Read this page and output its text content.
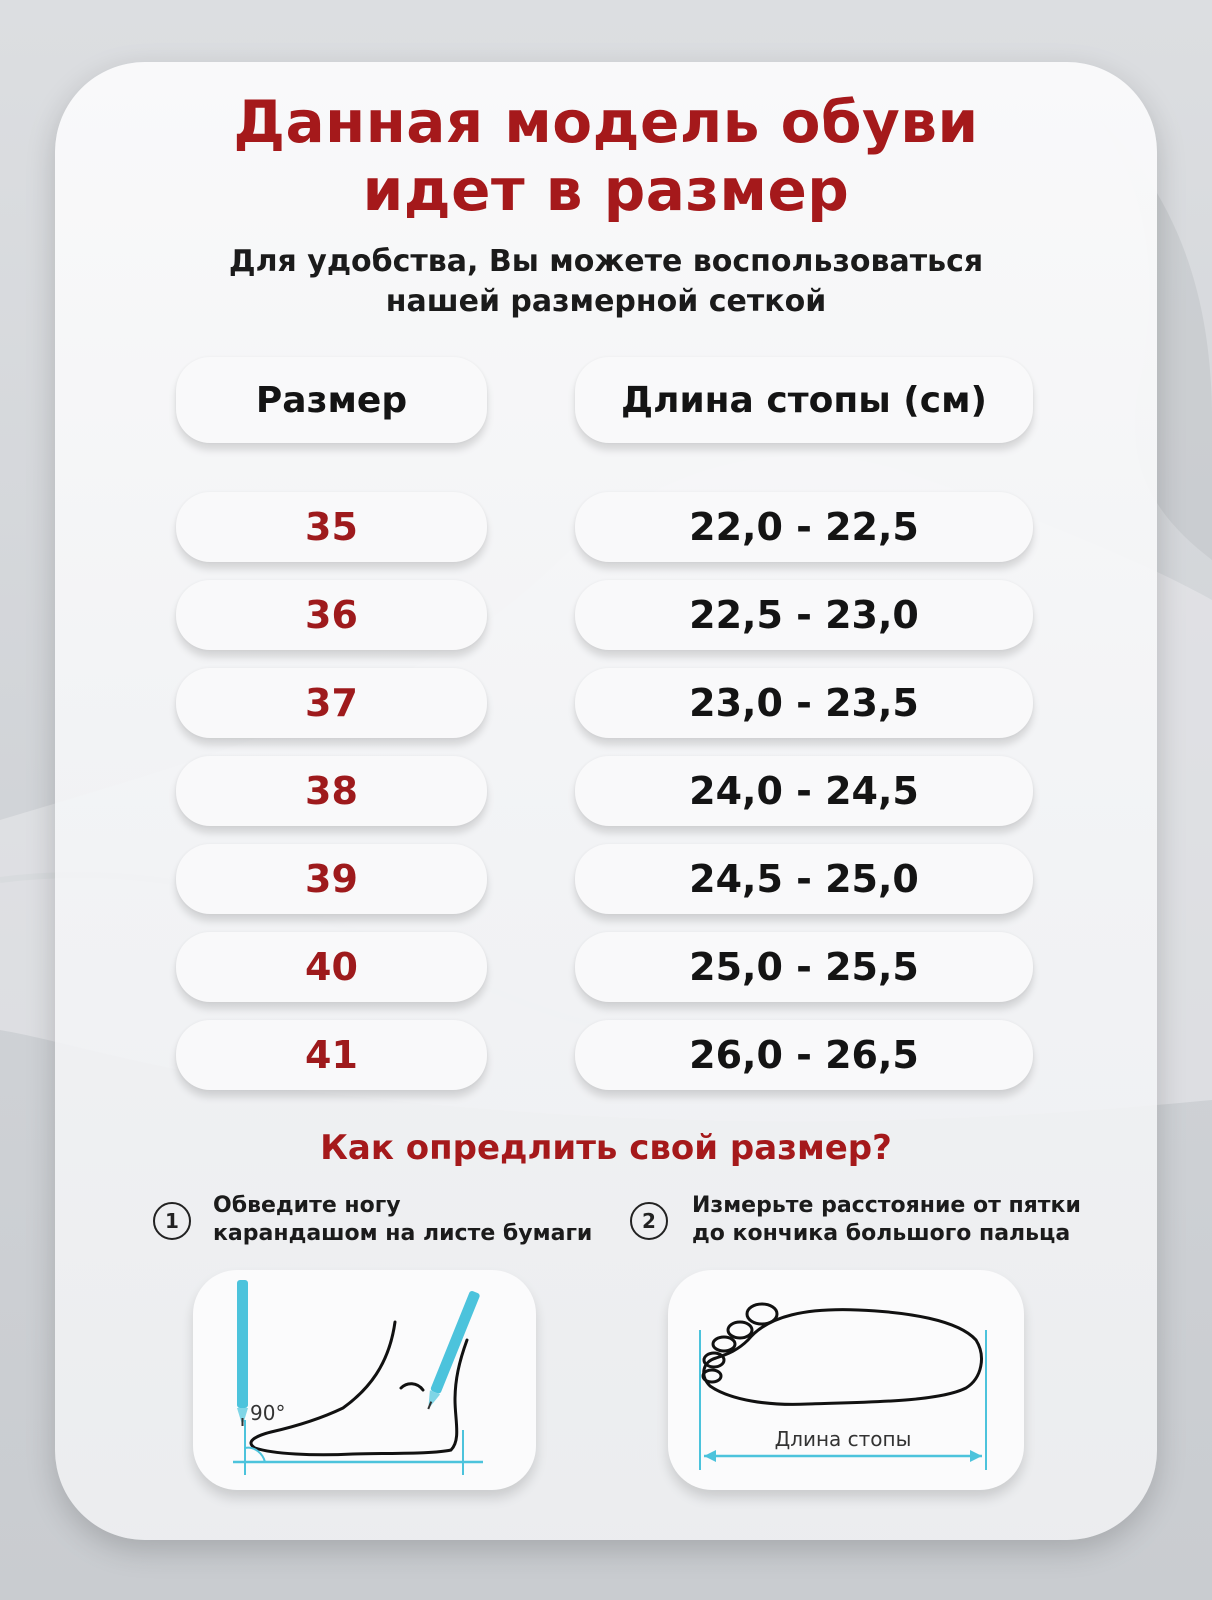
Данная модель обуви
идет в размер
Для удобства, Вы можете воспользоваться
нашей размерной сеткой
Размер	Длина стопы (см)
35	22,0 - 22,5
36	22,5 - 23,0
37	23,0 - 23,5
38	24,0 - 24,5
39	24,5 - 25,0
40	25,0 - 25,5
41	26,0 - 26,5
Как опредлить свой размер?
1
Обведите ногу
карандашом на листе бумаги	2
Измерьте расстояние от пятки
до кончика большого пальца
90°
Длина стопы
